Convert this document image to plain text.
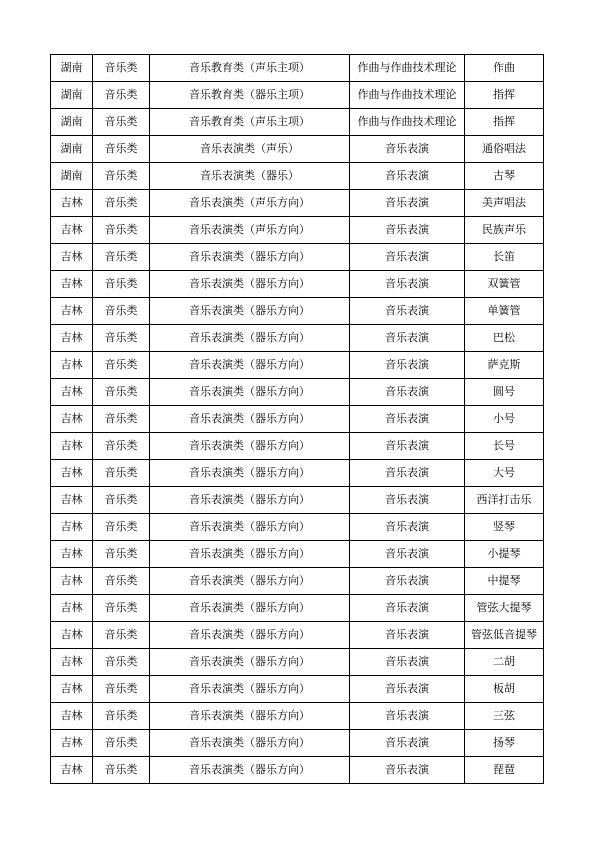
湖南	音乐类	音乐教育类（声乐主项）	作曲与作曲技术理论	作曲
湖南	音乐类	音乐教育类（器乐主项）	作曲与作曲技术理论	指挥
湖南	音乐类	音乐教育类（声乐主项）	作曲与作曲技术理论	指挥
湖南	音乐类	音乐表演类（声乐）	音乐表演	通俗唱法
湖南	音乐类	音乐表演类（器乐）	音乐表演	古琴
吉林	音乐类	音乐表演类（声乐方向）	音乐表演	美声唱法
吉林	音乐类	音乐表演类（声乐方向）	音乐表演	民族声乐
吉林	音乐类	音乐表演类（器乐方向）	音乐表演	长笛
吉林	音乐类	音乐表演类（器乐方向）	音乐表演	双簧管
吉林	音乐类	音乐表演类（器乐方向）	音乐表演	单簧管
吉林	音乐类	音乐表演类（器乐方向）	音乐表演	巴松
吉林	音乐类	音乐表演类（器乐方向）	音乐表演	萨克斯
吉林	音乐类	音乐表演类（器乐方向）	音乐表演	圆号
吉林	音乐类	音乐表演类（器乐方向）	音乐表演	小号
吉林	音乐类	音乐表演类（器乐方向）	音乐表演	长号
吉林	音乐类	音乐表演类（器乐方向）	音乐表演	大号
吉林	音乐类	音乐表演类（器乐方向）	音乐表演	西洋打击乐
吉林	音乐类	音乐表演类（器乐方向）	音乐表演	竖琴
吉林	音乐类	音乐表演类（器乐方向）	音乐表演	小提琴
吉林	音乐类	音乐表演类（器乐方向）	音乐表演	中提琴
吉林	音乐类	音乐表演类（器乐方向）	音乐表演	管弦大提琴
吉林	音乐类	音乐表演类（器乐方向）	音乐表演	管弦低音提琴
吉林	音乐类	音乐表演类（器乐方向）	音乐表演	二胡
吉林	音乐类	音乐表演类（器乐方向）	音乐表演	板胡
吉林	音乐类	音乐表演类（器乐方向）	音乐表演	三弦
吉林	音乐类	音乐表演类（器乐方向）	音乐表演	扬琴
吉林	音乐类	音乐表演类（器乐方向）	音乐表演	琵琶
